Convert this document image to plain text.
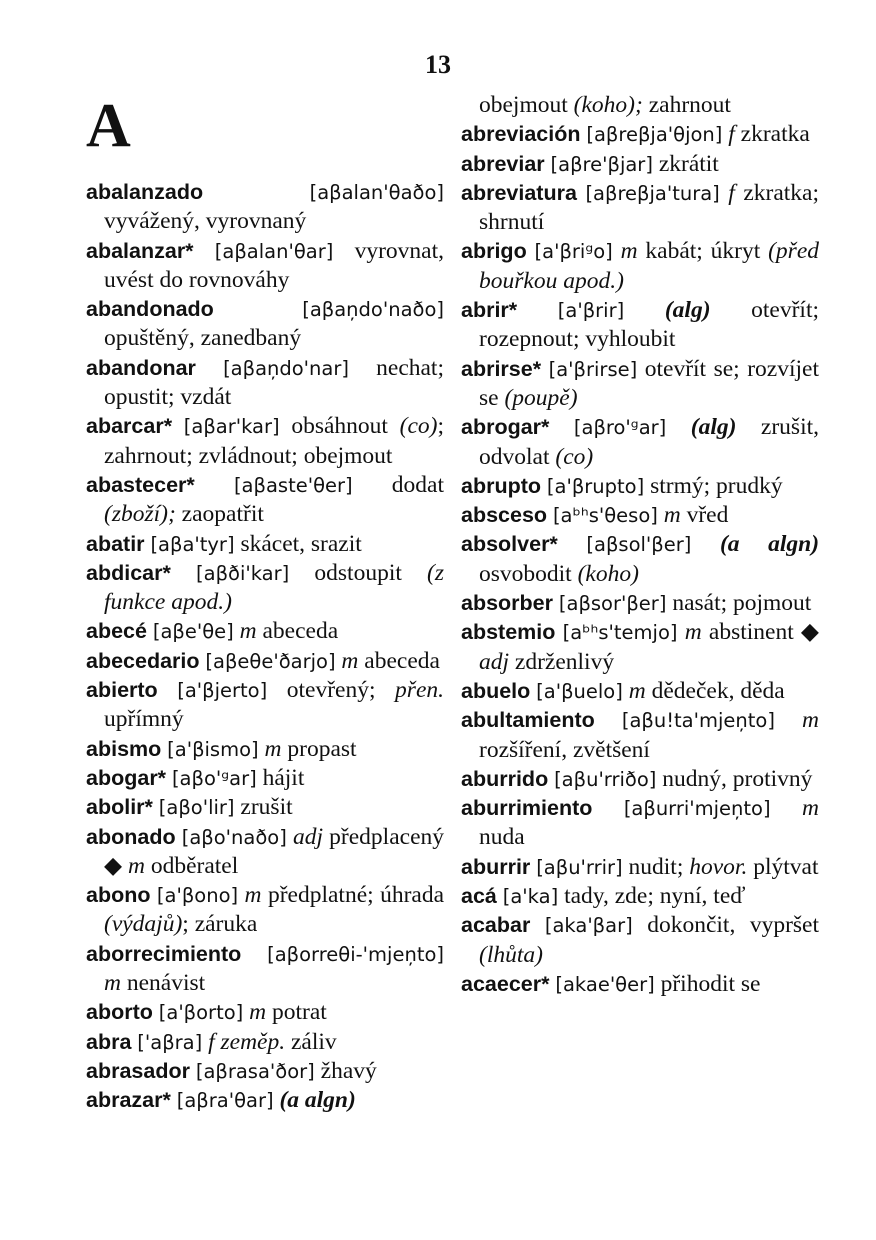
13
A
abalanzado	[aβalan'θaðo] vyvážený, vyrovnaný
abalanzar* [aβalan'θar] vyrovnat, uvést do rovnováhy
abandonado	[aβaņdo'naðo] opuštěný, zanedbaný
abandonar [aβaņdo'nar] nechat; opustit; vzdát
abarcar* [aβar'kar] obsáhnout (co); zahrnout; zvládnout; obejmout
abastecer* [aβaste'θer] dodat (zboží); zaopatřit
abatir [aβa'tyr] skácet, srazit
abdicar* [aβði'kar] odstoupit (z funkce apod.)
abecé [aβe'θe] m abeceda
abecedario [aβeθe'ðarjo] m abeceda
abierto [a'βjerto] otevřený; přen. upřímný
abismo [a'βismo] m propast
abogar* [aβo'ᵍar] hájit
abolir* [aβo'lir] zrušit
abonado [aβo'naðo] adj předplacený ◆ m odběratel
abono [a'βono] m předplatné; úhrada (výdajů); záruka
aborrecimiento [aβorreθi-'mjeņto] m nenávist
aborto [a'βorto] m potrat
abra ['aβra] f zeměp. záliv
abrasador [aβrasa'ðor] žhavý
abrazar* [aβra'θar] (a algn)
obejmout (koho); zahrnout
abreviación [aβreβja'θjon] f zkratka
abreviar [aβre'βjar] zkrátit
abreviatura [aβreβja'tura] f zkratka; shrnutí
abrigo [a'βriᵍo] m kabát; úkryt (před bouřkou apod.)
abrir* [a'βrir] (alg) otevřít; rozepnout; vyhloubit
abrirse* [a'βrirse] otevřít se; rozvíjet se (poupě)
abrogar* [aβro'ᵍar] (alg) zrušit, odvolat (co)
abrupto [a'βrupto] strmý; prudký
absceso [aᵇʰs'θeso] m vřed
absolver* [aβsol'βer] (a algn) osvobodit (koho)
absorber [aβsor'βer] nasát; pojmout
abstemio [aᵇʰs'temjo] m abstinent ◆ adj zdrženlivý
abuelo [a'βuelo] m dědeček, děda
abultamiento [aβu!ta'mjeņto] m rozšíření, zvětšení
aburrido [aβu'rriðo] nudný, protivný
aburrimiento [aβurri'mjeņto] m nuda
aburrir [aβu'rrir] nudit; hovor. plýtvat
acá [a'ka] tady, zde; nyní, teď
acabar [aka'βar] dokončit, vypršet (lhůta)
acaecer* [akae'θer] přihodit se
